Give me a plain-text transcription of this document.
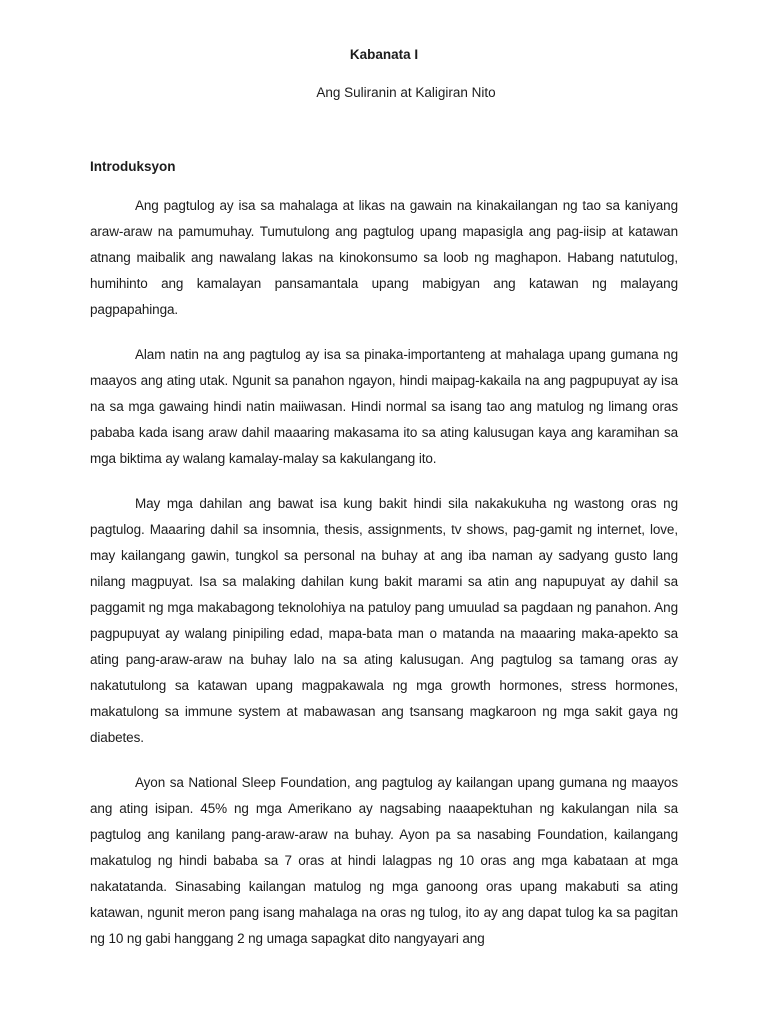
Kabanata I
Ang Suliranin at Kaligiran Nito
Introduksyon

Ang pagtulog ay isa sa mahalaga at likas na gawain na kinakailangan ng tao sa kaniyang araw-araw na pamumuhay. Tumutulong ang pagtulog upang mapasigla ang pag-iisip at katawan atnang maibalik ang nawalang lakas na kinokonsumo sa loob ng maghapon. Habang natutulog, humihinto ang kamalayan pansamantala upang mabigyan ang katawan ng malayang pagpapahinga.

Alam natin na ang pagtulog ay isa sa pinaka-importanteng at mahalaga upang gumana ng maayos ang ating utak. Ngunit sa panahon ngayon, hindi maipag-kakaila na ang pagpupuyat ay isa na sa mga gawaing hindi natin maiiwasan. Hindi normal sa isang tao ang matulog ng limang oras pababa kada isang araw dahil maaaring makasama ito sa ating kalusugan kaya ang karamihan sa mga biktima ay walang kamalay-malay sa kakulangang ito.

May mga dahilan ang bawat isa kung bakit hindi sila nakakukuha ng wastong oras ng pagtulog. Maaaring dahil sa insomnia, thesis, assignments, tv shows, pag-gamit ng internet, love, may kailangang gawin, tungkol sa personal na buhay at ang iba naman ay sadyang gusto lang nilang magpuyat. Isa sa malaking dahilan kung bakit marami sa atin ang napupuyat ay dahil sa paggamit ng mga makabagong teknolohiya na patuloy pang umuulad sa pagdaan ng panahon. Ang pagpupuyat ay walang pinipiling edad, mapa-bata man o matanda na maaaring maka-apekto sa ating pang-araw-araw na buhay lalo na sa ating kalusugan. Ang pagtulog sa tamang oras ay nakatutulong sa katawan upang magpakawala ng mga growth hormones, stress hormones, makatulong sa immune system at mabawasan ang tsansang magkaroon ng mga sakit gaya ng diabetes.

Ayon sa National Sleep Foundation, ang pagtulog ay kailangan upang gumana ng maayos ang ating isipan. 45% ng mga Amerikano ay nagsabing naaapektuhan ng kakulangan nila sa pagtulog ang kanilang pang-araw-araw na buhay. Ayon pa sa nasabing Foundation, kailangang makatulog ng hindi bababa sa 7 oras at hindi lalagpas ng 10 oras ang mga kabataan at mga nakatatanda. Sinasabing kailangan matulog ng mga ganoong oras upang makabuti sa ating katawan, ngunit meron pang isang mahalaga na oras ng tulog, ito ay ang dapat tulog ka sa pagitan ng 10 ng gabi hanggang 2 ng umaga sapagkat dito nangyayari ang
